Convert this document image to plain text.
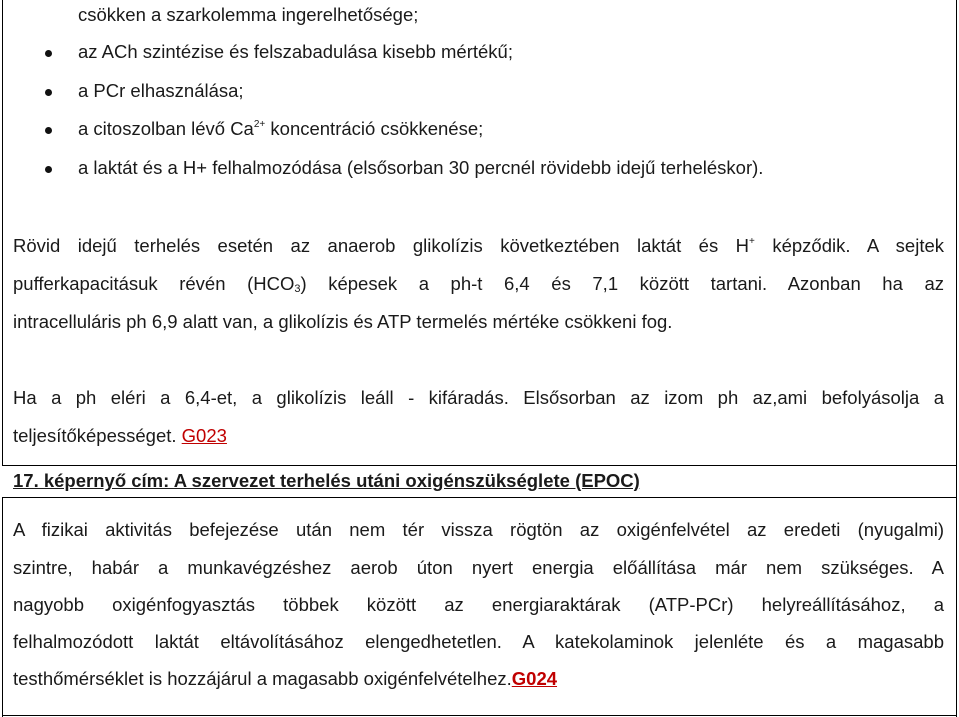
csökken a szarkolemma ingerelhetősége;
az ACh szintézise és felszabadulása kisebb mértékű;
a PCr elhasználása;
a citoszolban lévő $Ca^{2+}$ koncentráció csökkenése;
a laktát és a H+ felhalmozódása (elsősorban 30 percnél rövidebb idejű terheléskor).
Rövid idejű terhelés esetén az anaerob glikolízis következtében laktát és H+ képződik. A sejtek
pufferkapacitásuk révén $(HCO_3)$ képesek a ph-t 6,4 és 7,1 között tartani. Azonban ha az
intracelluláris ph 6,9 alatt van, a glikolízis és ATP termelés mértéke csökkeni fog.
Ha a ph eléri a 6,4-et, a glikolízis leáll - kifáradás. Elsősorban az izom ph az,ami befolyásolja a
teljesítőképességet. G023
17. képernyő cím: A szervezet terhelés utáni oxigénszükséglete (EPOC)
A fizikai aktivitás befejezése után nem tér vissza rögtön az oxigénfelvétel az eredeti (nyugalmi)
szintre, habár a munkavégzéshez aerob úton nyert energia előállítása már nem szükséges. A
nagyobb oxigénfogyasztás többek között az energiaraktárak (ATP-PCr) helyreállításához, a
felhalmozódott laktát eltávolításához elengedhetetlen. A katekolaminok jelenléte és a magasabb
testhőmérséklet is hozzájárul a magasabb oxigénfelvételhez.G024
